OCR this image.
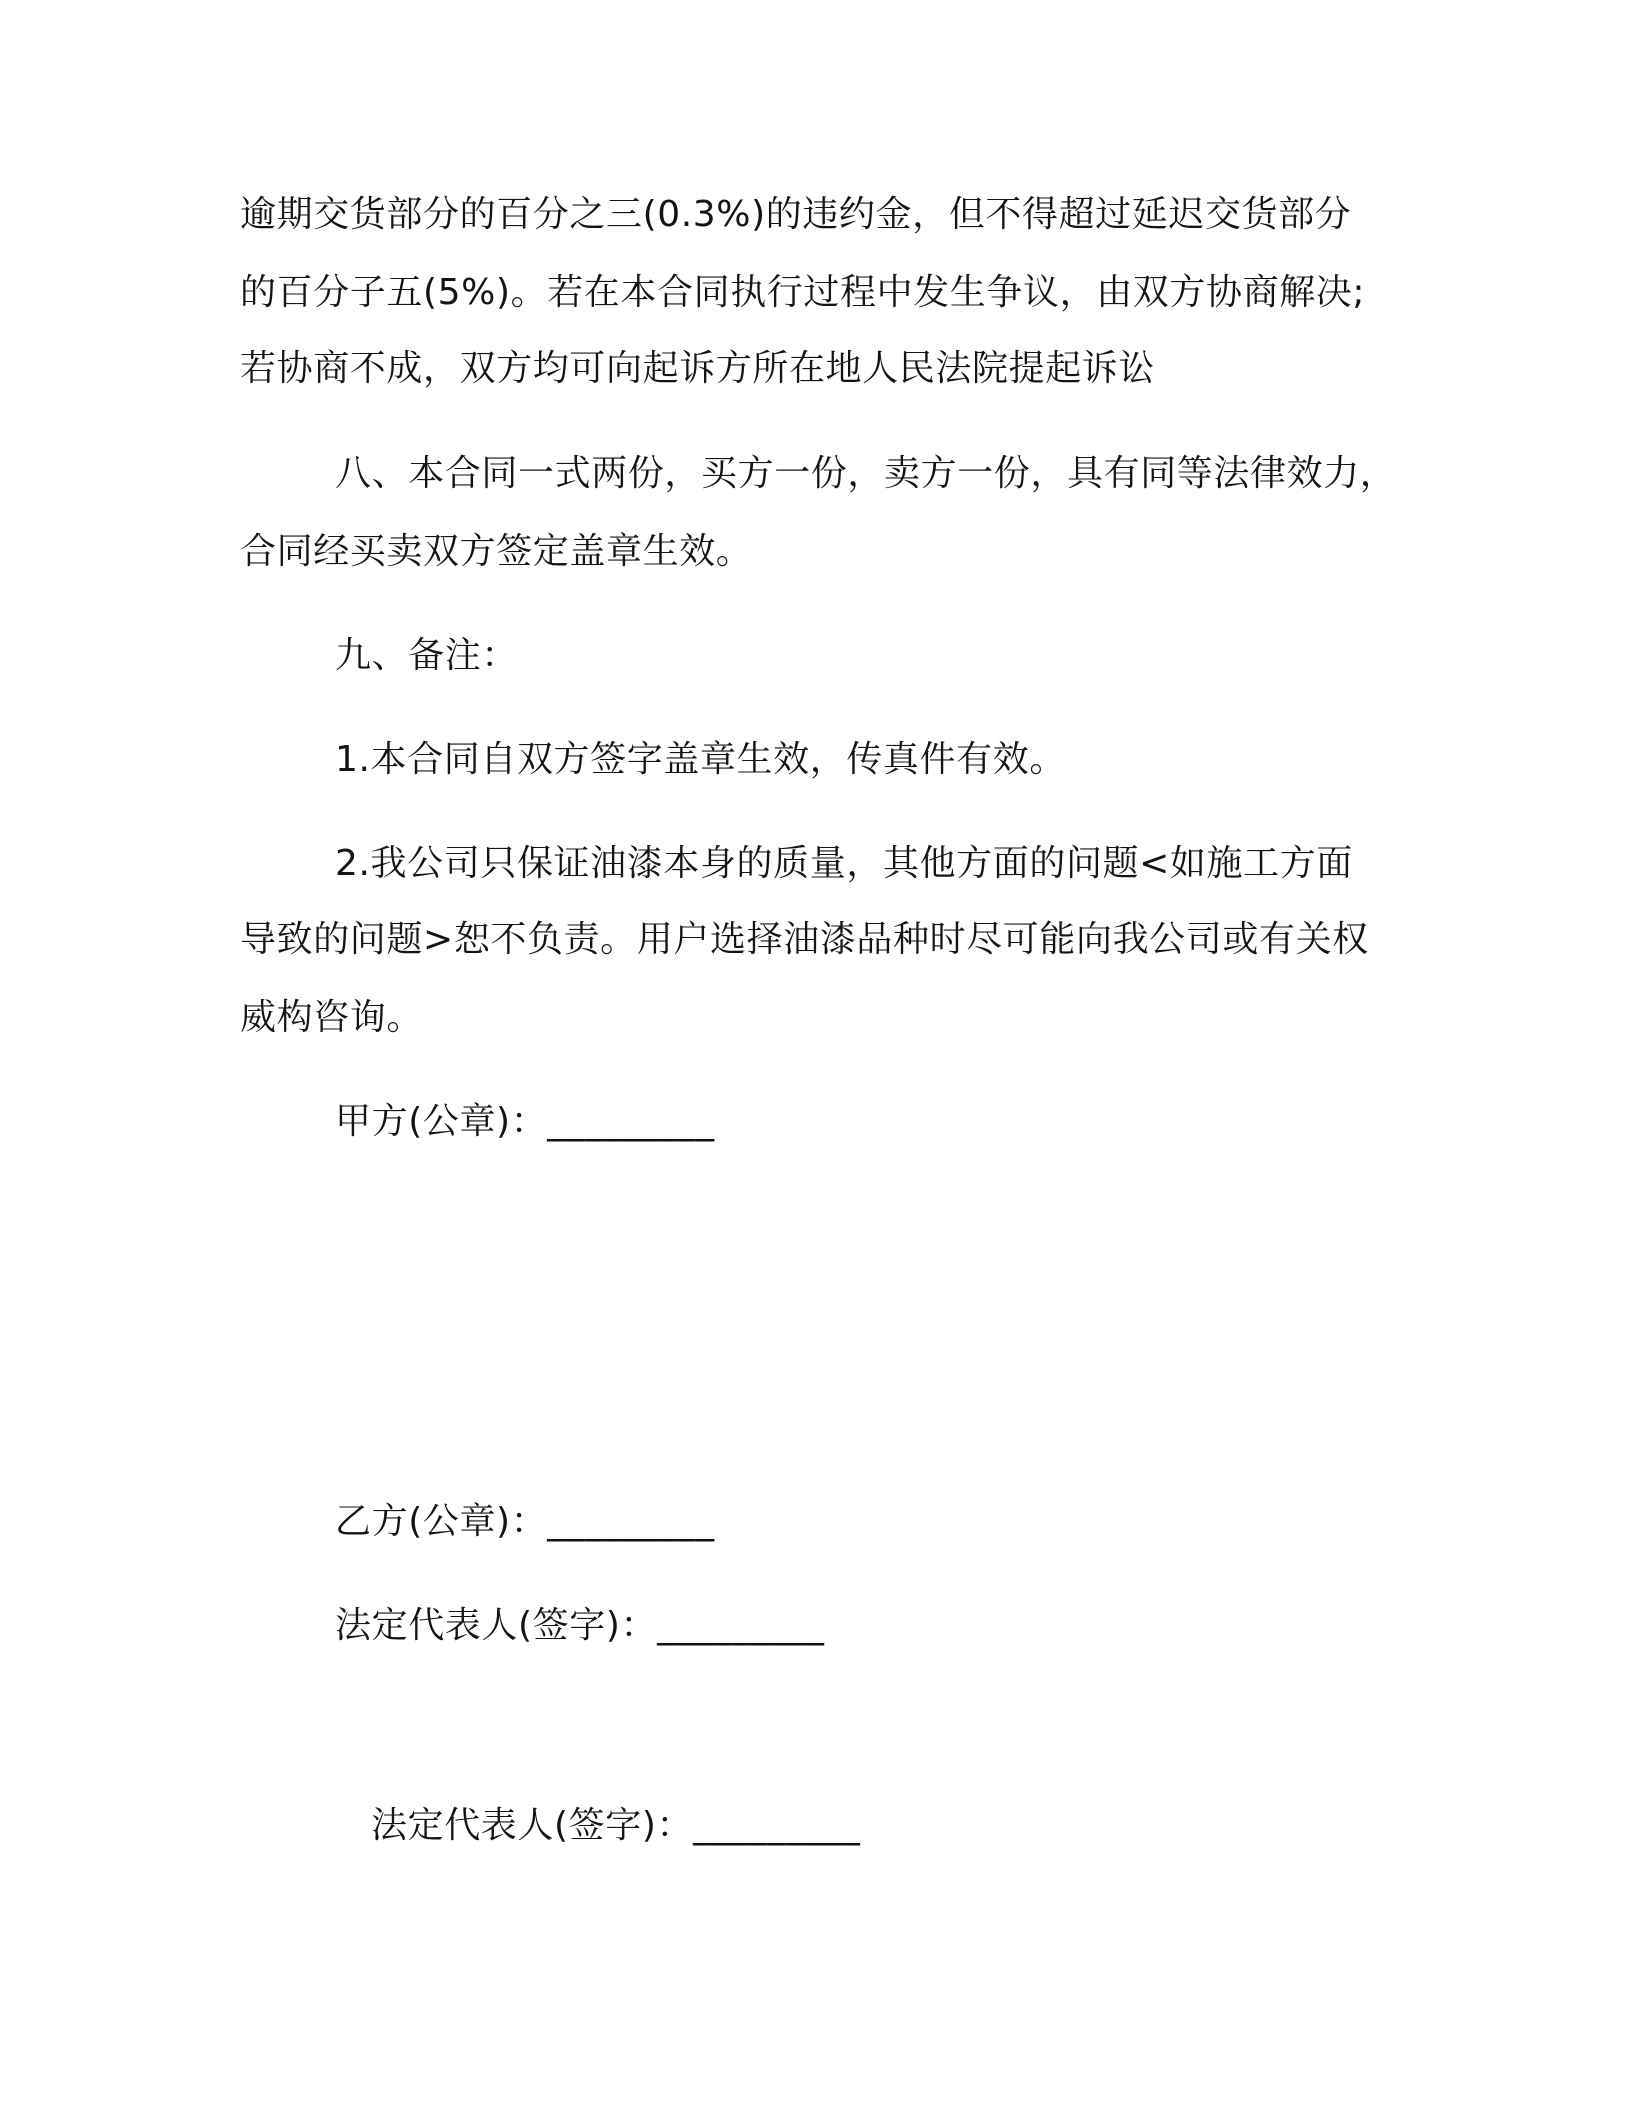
逾期交货部分的百分之三(0.3%)的违约金，但不得超过延迟交货部分
的百分子五(5%)。若在本合同执行过程中发生争议，由双方协商解决;
若协商不成，双方均可向起诉方所在地人民法院提起诉讼
八、本合同一式两份，买方一份，卖方一份，具有同等法律效力，
合同经买卖双方签定盖章生效。
九、备注：
1.本合同自双方签字盖章生效，传真件有效。
2.我公司只保证油漆本身的质量，其他方面的问题<如施工方面
导致的问题>恕不负责。用户选择油漆品种时尽可能向我公司或有关权
威构咨询。
甲方(公章)：_________
乙方(公章)：_________
法定代表人(签字)：_________
法定代表人(签字)：_________
